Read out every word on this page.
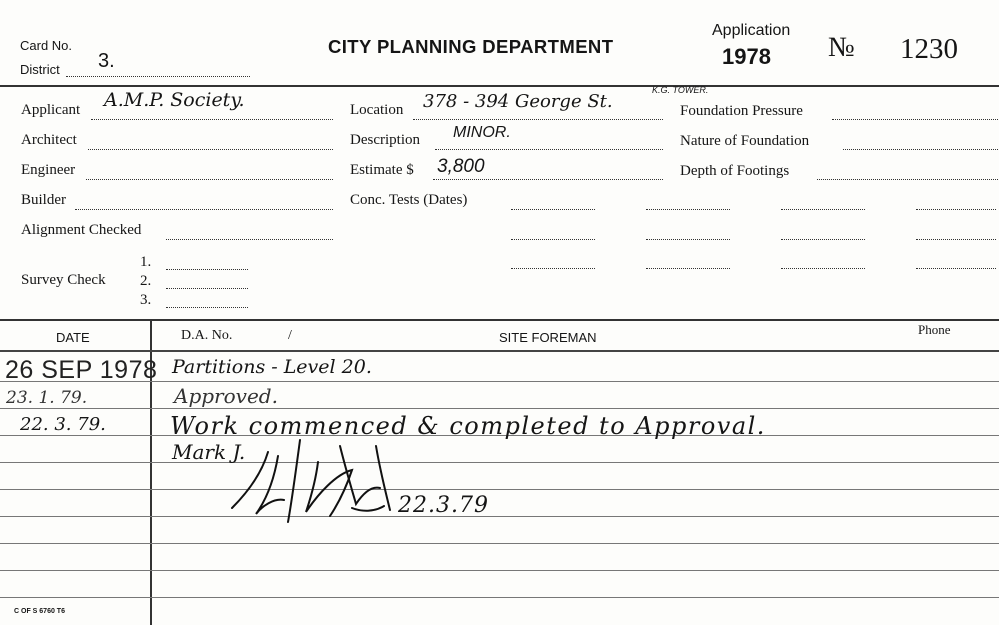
Card No.
District 3.
CITY PLANNING DEPARTMENT
Application
1978 № 1230
Applicant A.M.P. Society.
Architect
Engineer
Builder
Alignment Checked
Survey Check
1.
2.
3.
Location 378 - 394 George St.
K.G. TOWER.
Description MINOR.
Estimate $ 3,800
Conc. Tests (Dates)
Foundation Pressure
Nature of Foundation
Depth of Footings
DATE	D.A. No.	/	SITE FOREMAN
Phone
26 SEP 1978 Partitions - Level 20.
23. 1. 79.	Approved.
22. 3. 79.	Work commenced & completed to Approval.
Mark J.
22.3.79
C OF S 6760 T6
